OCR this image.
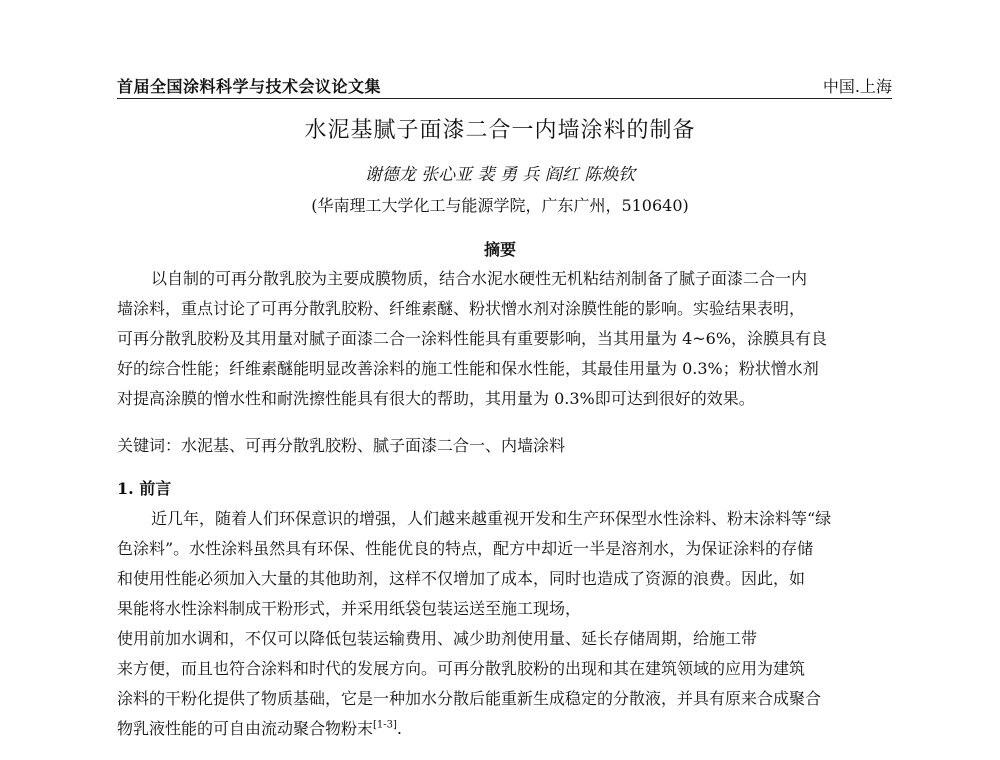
首届全国涂料科学与技术会议论文集	中国.上海
水泥基腻子面漆二合一内墙涂料的制备
谢德龙 张心亚 裴 勇 兵 阎红 陈焕钦
(华南理工大学化工与能源学院，广东广州，510640)
摘要
以自制的可再分散乳胶为主要成膜物质，结合水泥水硬性无机粘结剂制备了腻子面漆二合一内
墙涂料，重点讨论了可再分散乳胶粉、纤维素醚、粉状憎水剂对涂膜性能的影响。实验结果表明，
可再分散乳胶粉及其用量对腻子面漆二合一涂料性能具有重要影响，当其用量为 4~6%，涂膜具有良
好的综合性能；纤维素醚能明显改善涂料的施工性能和保水性能，其最佳用量为 0.3%；粉状憎水剂
对提高涂膜的憎水性和耐洗擦性能具有很大的帮助，其用量为 0.3%即可达到很好的效果。
关键词：水泥基、可再分散乳胶粉、腻子面漆二合一、内墙涂料
1. 前言
近几年，随着人们环保意识的增强，人们越来越重视开发和生产环保型水性涂料、粉末涂料等“绿
色涂料”。水性涂料虽然具有环保、性能优良的特点，配方中却近一半是溶剂水，为保证涂料的存储
和使用性能必须加入大量的其他助剂，这样不仅增加了成本，同时也造成了资源的浪费。因此，如
果能将水性涂料制成干粉形式，并采用纸袋包装运送至施工现场，
使用前加水调和，不仅可以降低包装运输费用、减少助剂使用量、延长存储周期，给施工带
来方便，而且也符合涂料和时代的发展方向。可再分散乳胶粉的出现和其在建筑领域的应用为建筑
涂料的干粉化提供了物质基础，它是一种加水分散后能重新生成稳定的分散液，并具有原来合成聚合
物乳液性能的可自由流动聚合物粉末[1-3].
